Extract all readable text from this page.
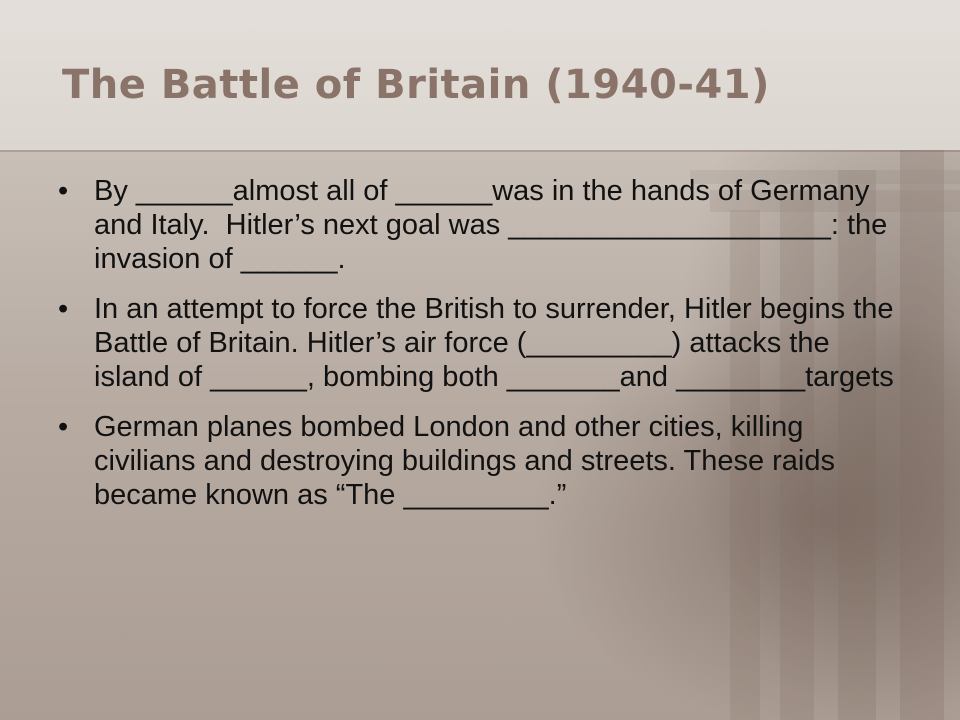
The Battle of Britain (1940-41)
• By ______almost all of ______was in the hands of Germany and Italy.  Hitler’s next goal was ____________________: the invasion of ______.
• In an attempt to force the British to surrender, Hitler begins the Battle of Britain. Hitler’s air force (_________) attacks the island of ______, bombing both _______and ________targets
• German planes bombed London and other cities, killing civilians and destroying buildings and streets. These raids became known as “The _________.”
